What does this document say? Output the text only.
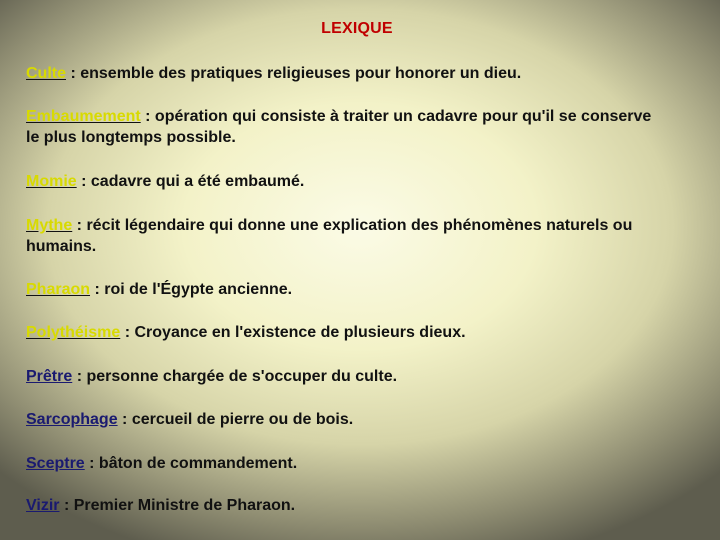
LEXIQUE
Culte : ensemble des pratiques religieuses pour honorer un dieu.
Embaumement : opération qui consiste à traiter un cadavre pour qu'il se conserve le plus longtemps possible.
Momie : cadavre qui a été embaumé.
Mythe : récit légendaire qui donne une explication des phénomènes naturels ou humains.
Pharaon : roi de l'Égypte ancienne.
Polythéisme : Croyance en l'existence de plusieurs dieux.
Prêtre : personne chargée de s'occuper du culte.
Sarcophage : cercueil de pierre ou de bois.
Sceptre : bâton de commandement.
Vizir : Premier Ministre de Pharaon.
